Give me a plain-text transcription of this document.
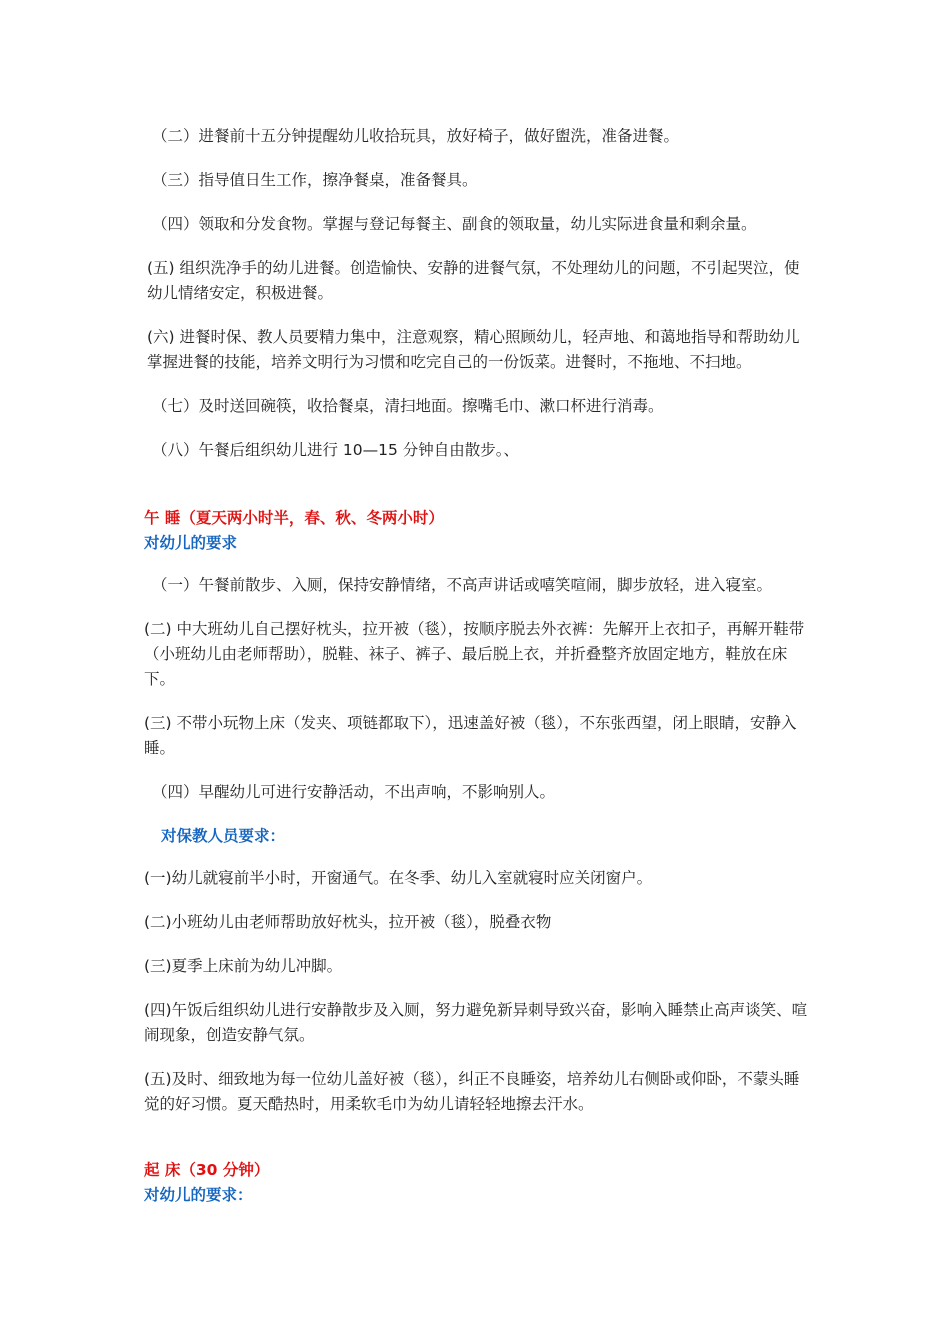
（二）进餐前十五分钟提醒幼儿收拾玩具，放好椅子，做好盥洗，准备进餐。
（三）指导值日生工作，擦净餐桌，准备餐具。
（四）领取和分发食物。掌握与登记每餐主、副食的领取量，幼儿实际进食量和剩余量。
(五) 组织洗净手的幼儿进餐。创造愉快、安静的进餐气氛，不处理幼儿的问题，不引起哭泣，使幼儿情绪安定，积极进餐。
(六) 进餐时保、教人员要精力集中，注意观察，精心照顾幼儿，轻声地、和蔼地指导和帮助幼儿掌握进餐的技能，培养文明行为习惯和吃完自己的一份饭菜。进餐时，不拖地、不扫地。
（七）及时送回碗筷，收拾餐桌，清扫地面。擦嘴毛巾、漱口杯进行消毒。
（八）午餐后组织幼儿进行 10—15 分钟自由散步。、
午 睡（夏天两小时半，春、秋、冬两小时）
对幼儿的要求
（一）午餐前散步、入厕，保持安静情绪，不高声讲话或嘻笑喧闹，脚步放轻，进入寝室。
(二) 中大班幼儿自己摆好枕头，拉开被（毯），按顺序脱去外衣裤：先解开上衣扣子，再解开鞋带（小班幼儿由老师帮助），脱鞋、袜子、裤子、最后脱上衣，并折叠整齐放固定地方，鞋放在床下。
(三) 不带小玩物上床（发夹、项链都取下），迅速盖好被（毯），不东张西望，闭上眼睛，安静入睡。
（四）早醒幼儿可进行安静活动，不出声响，不影响别人。
对保教人员要求：
(一)幼儿就寝前半小时，开窗通气。在冬季、幼儿入室就寝时应关闭窗户。
(二)小班幼儿由老师帮助放好枕头，拉开被（毯），脱叠衣物
(三)夏季上床前为幼儿冲脚。
(四)午饭后组织幼儿进行安静散步及入厕，努力避免新异刺导致兴奋，影响入睡禁止高声谈笑、喧闹现象，创造安静气氛。
(五)及时、细致地为每一位幼儿盖好被（毯），纠正不良睡姿，培养幼儿右侧卧或仰卧，不蒙头睡觉的好习惯。夏天酷热时，用柔软毛巾为幼儿请轻轻地擦去汗水。
起 床（30 分钟）
对幼儿的要求：
